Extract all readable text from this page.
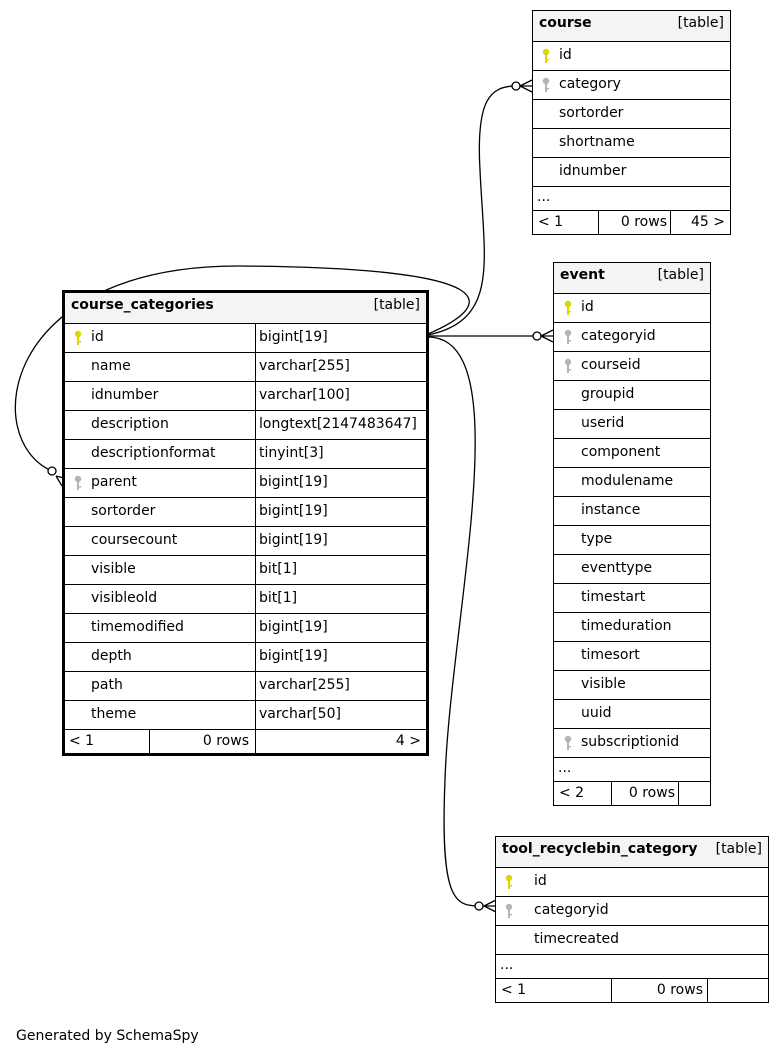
course	[table]
id
category
sortorder
shortname
idnumber
...
< 1	0 rows 45 >
event	[table]
id
categoryid
courseid
groupid
userid
component
modulename
instance
type
eventtype
timestart
timeduration
timesort
visible
uuid
subscriptionid
...
< 2	0 rows
course_categories	[table]
id	bigint[19]
name	varchar[255]
idnumber	varchar[100]
description	longtext[2147483647]
descriptionformat	tinyint[3]
parent	bigint[19]
sortorder	bigint[19]
coursecount	bigint[19]
visible	bit[1]
visibleold	bit[1]
timemodified	bigint[19]
depth	bigint[19]
path	varchar[255]
theme	varchar[50]
< 1	0 rows	4 >
tool_recyclebin_category [table]
id
categoryid
timecreated
...
< 1	0 rows
Generated by SchemaSpy
